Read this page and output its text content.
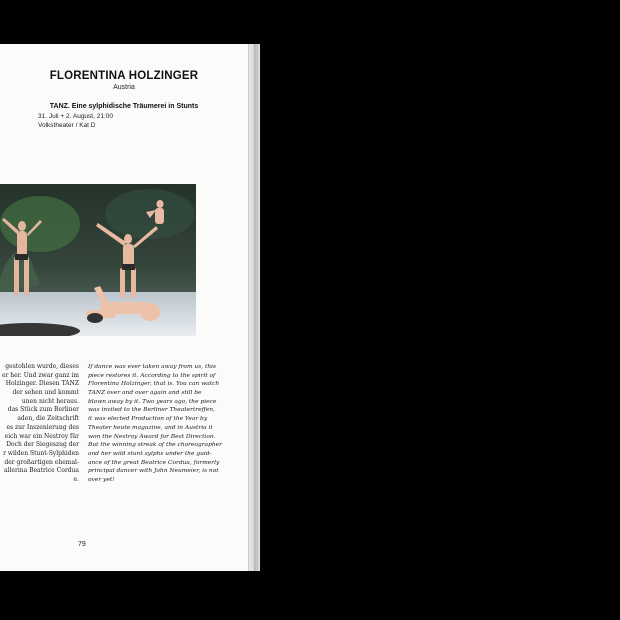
FLORENTINA HOLZINGER
Austria
TANZ. Eine sylphidische Träumerei in Stunts
31. Juli + 2. August, 21:00
Volkstheater / Kat D
gestohlen wurde, dieses
er her. Und zwar ganz im
Holzinger. Diesen TANZ
der sehen und kommt
unen nicht heraus.
das Stück zum Berliner
aden, die Zeitschrift
es zur Inszenierung des
eich war ein Nestroy für
Doch der Siegeszug der
r wilden Stunt-Sylphiden
der großartigen ehemal-
allerina Beatrice Cordua
e.
If dance was ever taken away from us, this
piece restores it. According to the spirit of
Florentina Holzinger, that is. You can watch
TANZ over and over again and still be
blown away by it. Two years ago, the piece
was invited to the Berliner Theatertreffen,
it was elected Production of the Year by
Theater heute magazine, and in Austria it
won the Nestroy Award for Best Direction.
But the winning streak of the choreographer
and her wild stunt sylphs under the guid-
ance of the great Beatrice Cordua, formerly
principal dancer with John Neumeier, is not
over yet!
79
